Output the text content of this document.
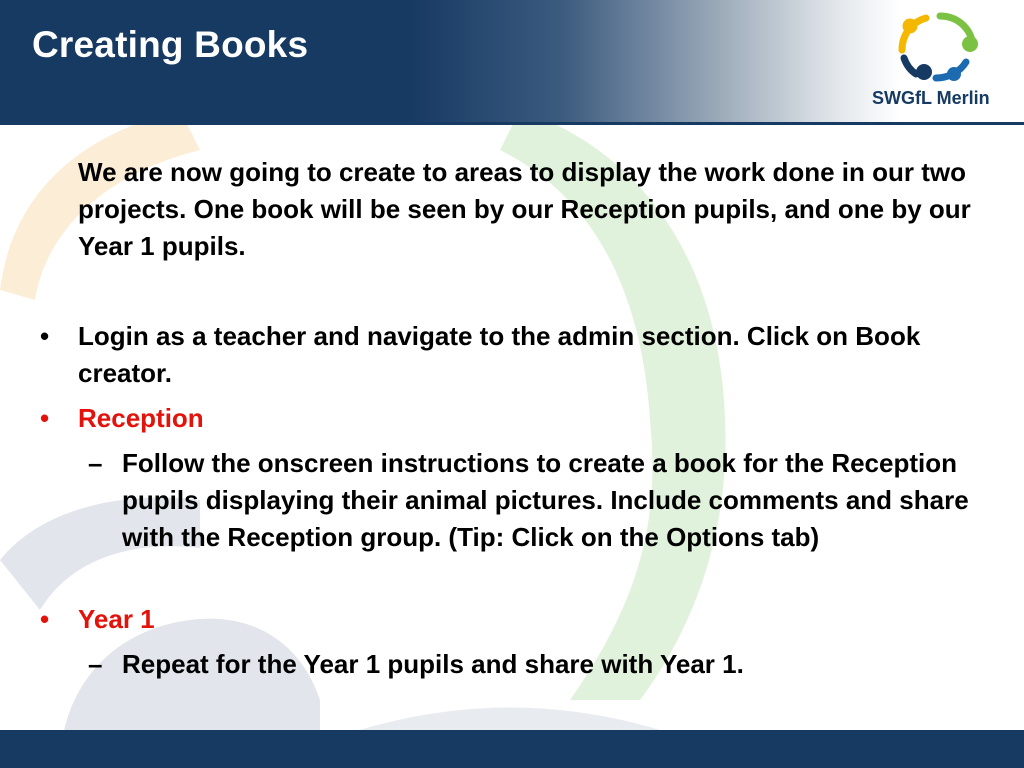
Creating Books
SWGfL Merlin

We are now going to create to areas to display the work done in our two projects. One book will be seen by our Reception pupils, and one by our Year 1 pupils.

• Login as a teacher and navigate to the admin section. Click on Book creator.
• Reception
– Follow the onscreen instructions to create a book for the Reception pupils displaying their animal pictures. Include comments and share with the Reception group. (Tip: Click on the Options tab)
• Year 1
– Repeat for the Year 1 pupils and share with Year 1.
